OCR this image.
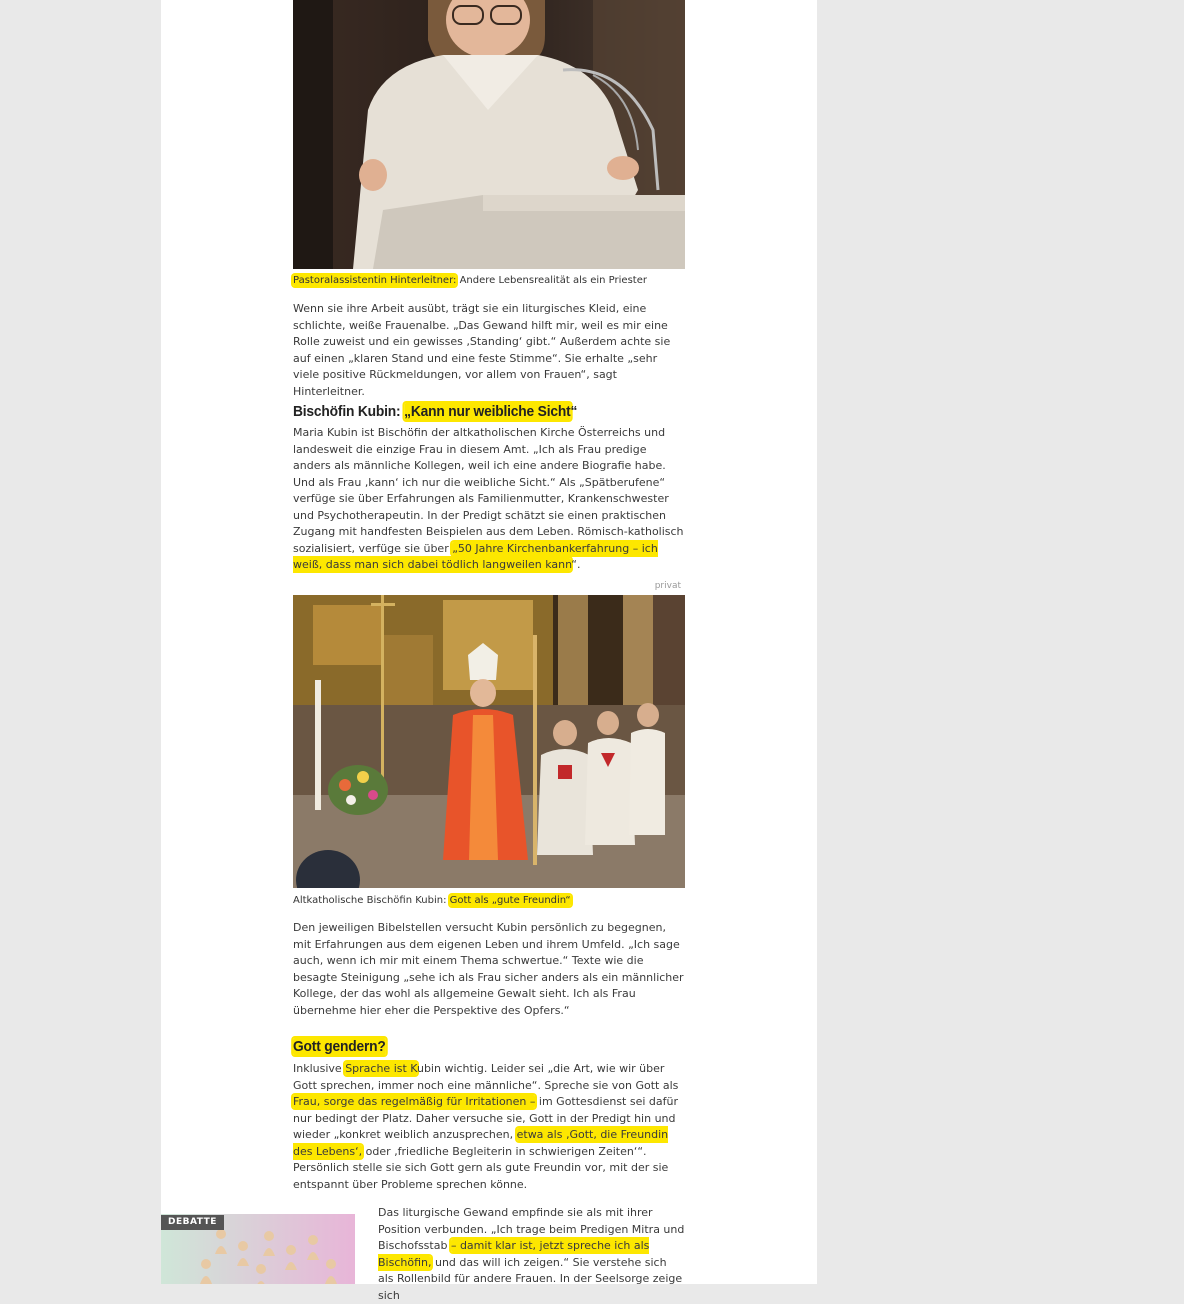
Pastoralassistentin Hinterleitner: Andere Lebensrealität als ein Priester

Wenn sie ihre Arbeit ausübt, trägt sie ein liturgisches Kleid, eine schlichte, weiße Frauenalbe. „Das Gewand hilft mir, weil es mir eine Rolle zuweist und ein gewisses ‚Standing‘ gibt.“ Außerdem achte sie auf einen „klaren Stand und eine feste Stimme“. Sie erhalte „sehr viele positive Rückmeldungen, vor allem von Frauen“, sagt Hinterleitner.

Bischöfin Kubin: „Kann nur weibliche Sicht“

Maria Kubin ist Bischöfin der altkatholischen Kirche Österreichs und landesweit die einzige Frau in diesem Amt. „Ich als Frau predige anders als männliche Kollegen, weil ich eine andere Biografie habe. Und als Frau ‚kann‘ ich nur die weibliche Sicht.“ Als „Spätberufene“ verfüge sie über Erfahrungen als Familienmutter, Krankenschwester und Psychotherapeutin. In der Predigt schätzt sie einen praktischen Zugang mit handfesten Beispielen aus dem Leben. Römisch-katholisch sozialisiert, verfüge sie über „50 Jahre Kirchenbankerfahrung – ich weiß, dass man sich dabei tödlich langweilen kann“.

privat
Altkatholische Bischöfin Kubin: Gott als „gute Freundin“

Den jeweiligen Bibelstellen versucht Kubin persönlich zu begegnen, mit Erfahrungen aus dem eigenen Leben und ihrem Umfeld. „Ich sage auch, wenn ich mir mit einem Thema schwertue.“ Texte wie die besagte Steinigung „sehe ich als Frau sicher anders als ein männlicher Kollege, der das wohl als allgemeine Gewalt sieht. Ich als Frau übernehme hier eher die Perspektive des Opfers.“

Gott gendern?

Inklusive Sprache ist Kubin wichtig. Leider sei „die Art, wie wir über Gott sprechen, immer noch eine männliche“. Spreche sie von Gott als Frau, sorge das regelmäßig für Irritationen – im Gottesdienst sei dafür nur bedingt der Platz. Daher versuche sie, Gott in der Predigt hin und wieder „konkret weiblich anzusprechen, etwa als ‚Gott, die Freundin des Lebens‘, oder ‚friedliche Begleiterin in schwierigen Zeiten‘“. Persönlich stelle sie sich Gott gern als gute Freundin vor, mit der sie entspannt über Probleme sprechen könne.

DEBATTE

Das liturgische Gewand empfinde sie als mit ihrer Position verbunden. „Ich trage beim Predigen Mitra und Bischofsstab – damit klar ist, jetzt spreche ich als Bischöfin, und das will ich zeigen.“ Sie verstehe sich als Rollenbild für andere Frauen. In der Seelsorge zeige sich
